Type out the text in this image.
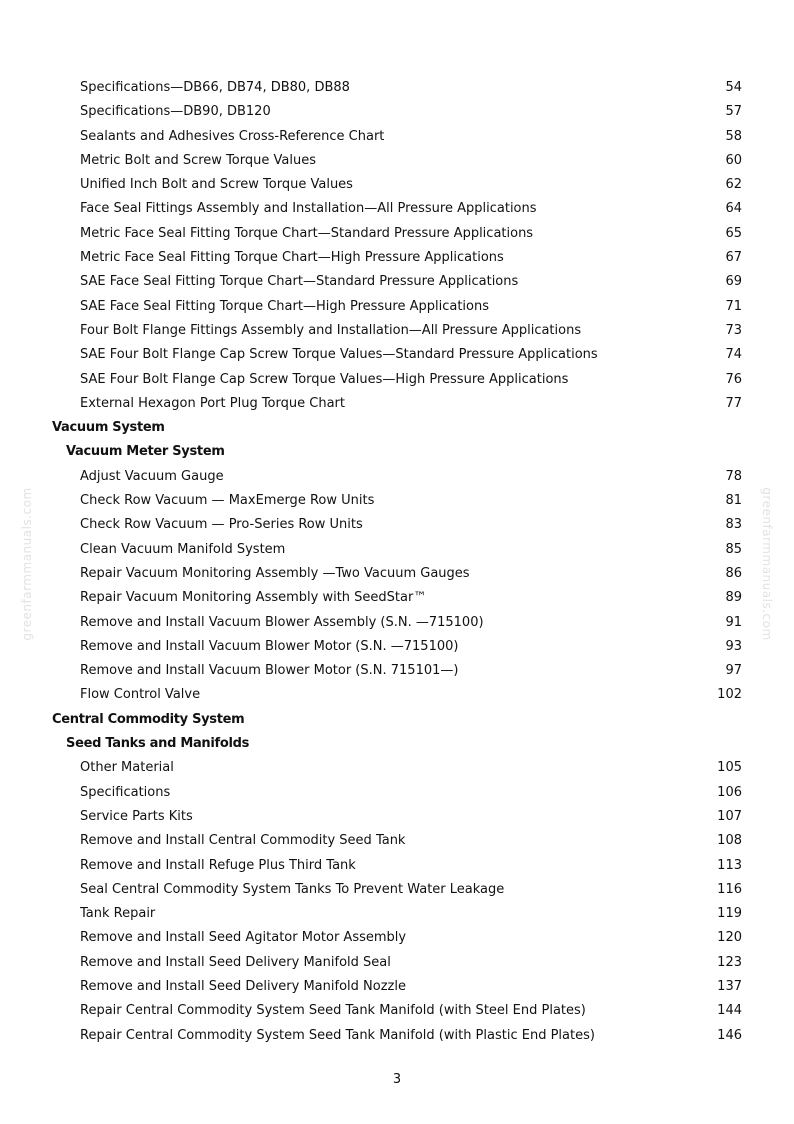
Specifications—DB66, DB74, DB80, DB88	54
Specifications—DB90, DB120	57
Sealants and Adhesives Cross-Reference Chart	58
Metric Bolt and Screw Torque Values	60
Unified Inch Bolt and Screw Torque Values	62
Face Seal Fittings Assembly and Installation—All Pressure Applications	64
Metric Face Seal Fitting Torque Chart—Standard Pressure Applications	65
Metric Face Seal Fitting Torque Chart—High Pressure Applications	67
SAE Face Seal Fitting Torque Chart—Standard Pressure Applications	69
SAE Face Seal Fitting Torque Chart—High Pressure Applications	71
Four Bolt Flange Fittings Assembly and Installation—All Pressure Applications	73
SAE Four Bolt Flange Cap Screw Torque Values—Standard Pressure Applications	74
SAE Four Bolt Flange Cap Screw Torque Values—High Pressure Applications	76
External Hexagon Port Plug Torque Chart	77
Vacuum System
Vacuum Meter System
Adjust Vacuum Gauge	78
Check Row Vacuum — MaxEmerge Row Units	81
Check Row Vacuum — Pro-Series Row Units	83
Clean Vacuum Manifold System	85
Repair Vacuum Monitoring Assembly —Two Vacuum Gauges	86
Repair Vacuum Monitoring Assembly with SeedStar™	89
Remove and Install Vacuum Blower Assembly (S.N. —715100)	91
Remove and Install Vacuum Blower Motor (S.N. —715100)	93
Remove and Install Vacuum Blower Motor (S.N. 715101—)	97
Flow Control Valve	102
Central Commodity System
Seed Tanks and Manifolds
Other Material	105
Specifications	106
Service Parts Kits	107
Remove and Install Central Commodity Seed Tank	108
Remove and Install Refuge Plus Third Tank	113
Seal Central Commodity System Tanks To Prevent Water Leakage	116
Tank Repair	119
Remove and Install Seed Agitator Motor Assembly	120
Remove and Install Seed Delivery Manifold Seal	123
Remove and Install Seed Delivery Manifold Nozzle	137
Repair Central Commodity System Seed Tank Manifold (with Steel End Plates)	144
Repair Central Commodity System Seed Tank Manifold (with Plastic End Plates)	146
3
greenfarmmanuals.com	greenfarmmanuals.com
